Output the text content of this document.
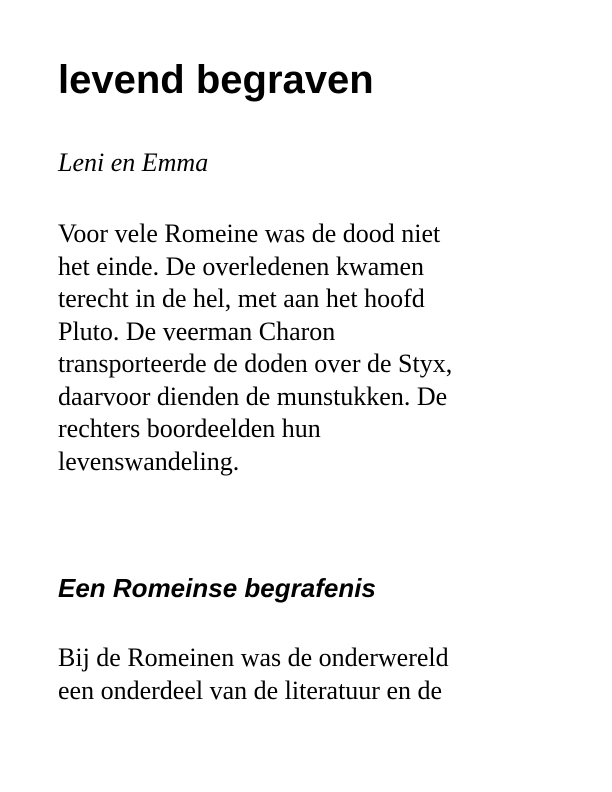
levend begraven

Leni en Emma

Voor vele Romeine was de dood niet
het einde. De overledenen kwamen
terecht in de hel, met aan het hoofd
Pluto. De veerman Charon
transporteerde de doden over de Styx,
daarvoor dienden de munstukken. De
rechters boordeelden hun
levenswandeling.

Een Romeinse begrafenis

Bij de Romeinen was de onderwereld
een onderdeel van de literatuur en de
